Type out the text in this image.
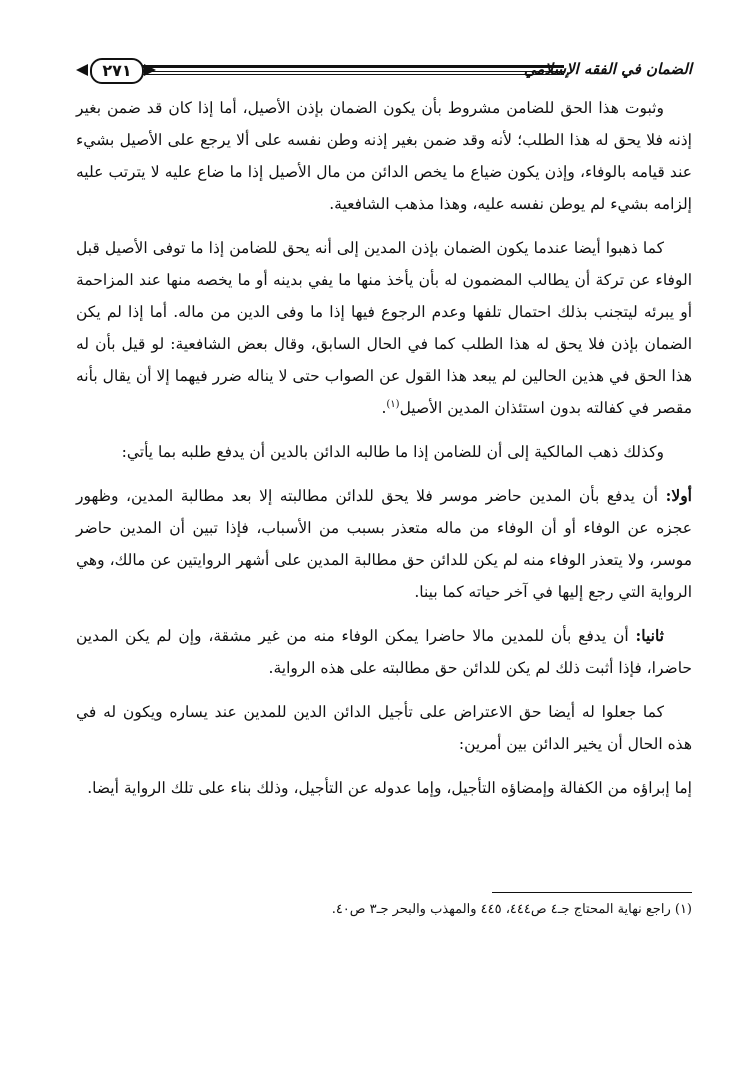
الضمان في الفقه الإسلامي
٢٧١

وثبوت هذا الحق للضامن مشروط بأن يكون الضمان بإذن الأصيل، أما إذا كان قد ضمن بغير إذنه فلا يحق له هذا الطلب؛ لأنه وقد ضمن بغير إذنه وطن نفسه على ألا يرجع على الأصيل بشيء عند قيامه بالوفاء، وإذن يكون ضياع ما يخص الدائن من مال الأصيل إذا ما ضاع عليه لا يترتب عليه إلزامه بشيء لم يوطن نفسه عليه، وهذا مذهب الشافعية.

كما ذهبوا أيضا عندما يكون الضمان بإذن المدين إلى أنه يحق للضامن إذا ما توفى الأصيل قبل الوفاء عن تركة أن يطالب المضمون له بأن يأخذ منها ما يفي بدينه أو ما يخصه منها عند المزاحمة أو يبرئه ليتجنب بذلك احتمال تلفها وعدم الرجوع فيها إذا ما وفى الدين من ماله. أما إذا لم يكن الضمان بإذن فلا يحق له هذا الطلب كما في الحال السابق، وقال بعض الشافعية: لو قيل بأن له هذا الحق في هذين الحالين لم يبعد هذا القول عن الصواب حتى لا يناله ضرر فيهما إلا أن يقال بأنه مقصر في كفالته بدون استئذان المدين الأصيل$^{(١)}$.

وكذلك ذهب المالكية إلى أن للضامن إذا ما طالبه الدائن بالدين أن يدفع طلبه بما يأتي:

أولا: أن يدفع بأن المدين حاضر موسر فلا يحق للدائن مطالبته إلا بعد مطالبة المدين، وظهور عجزه عن الوفاء أو أن الوفاء من ماله متعذر بسبب من الأسباب، فإذا تبين أن المدين حاضر موسر، ولا يتعذر الوفاء منه لم يكن للدائن حق مطالبة المدين على أشهر الروايتين عن مالك، وهي الرواية التي رجع إليها في آخر حياته كما بينا.

ثانيا: أن يدفع بأن للمدين مالا حاضرا يمكن الوفاء منه من غير مشقة، وإن لم يكن المدين حاضرا، فإذا أثبت ذلك لم يكن للدائن حق مطالبته على هذه الرواية.

كما جعلوا له أيضا حق الاعتراض على تأجيل الدائن الدين للمدين عند يساره ويكون له في هذه الحال أن يخير الدائن بين أمرين:

إما إبراؤه من الكفالة وإمضاؤه التأجيل، وإما عدوله عن التأجيل، وذلك بناء على تلك الرواية أيضا.

(١) راجع نهاية المحتاج جـ٤ ص٤٤٤، ٤٤٥ والمهذب والبحر جـ٣ ص٤٠.
